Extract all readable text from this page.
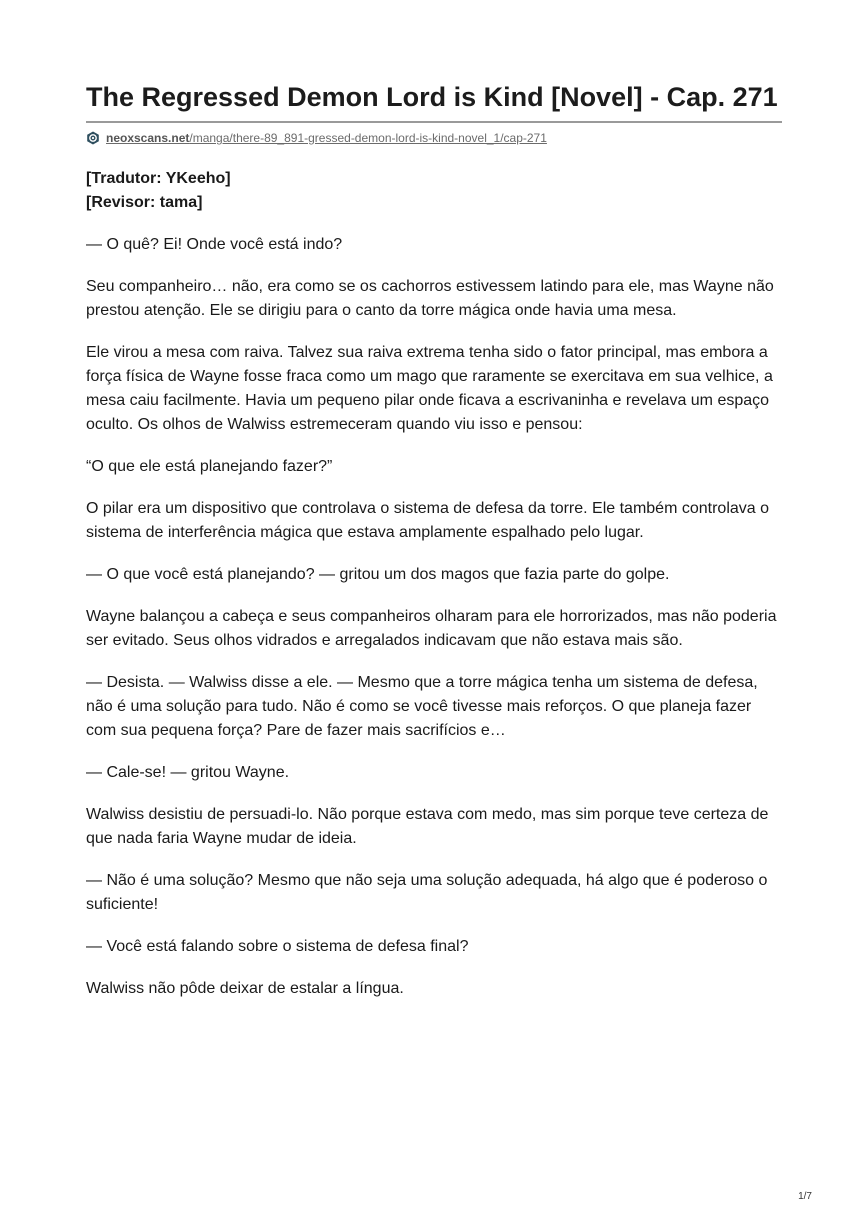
The Regressed Demon Lord is Kind [Novel] - Cap. 271
neoxscans.net/manga/there-89_891-gressed-demon-lord-is-kind-novel_1/cap-271

[Tradutor: YKeeho]
[Revisor: tama]

— O quê? Ei! Onde você está indo?

Seu companheiro… não, era como se os cachorros estivessem latindo para ele, mas Wayne não prestou atenção. Ele se dirigiu para o canto da torre mágica onde havia uma mesa.

Ele virou a mesa com raiva. Talvez sua raiva extrema tenha sido o fator principal, mas embora a força física de Wayne fosse fraca como um mago que raramente se exercitava em sua velhice, a mesa caiu facilmente. Havia um pequeno pilar onde ficava a escrivaninha e revelava um espaço oculto. Os olhos de Walwiss estremeceram quando viu isso e pensou:

“O que ele está planejando fazer?”

O pilar era um dispositivo que controlava o sistema de defesa da torre. Ele também controlava o sistema de interferência mágica que estava amplamente espalhado pelo lugar.

— O que você está planejando? — gritou um dos magos que fazia parte do golpe.

Wayne balançou a cabeça e seus companheiros olharam para ele horrorizados, mas não poderia ser evitado. Seus olhos vidrados e arregalados indicavam que não estava mais são.

— Desista. — Walwiss disse a ele. — Mesmo que a torre mágica tenha um sistema de defesa, não é uma solução para tudo. Não é como se você tivesse mais reforços. O que planeja fazer com sua pequena força? Pare de fazer mais sacrifícios e…

— Cale-se! — gritou Wayne.

Walwiss desistiu de persuadi-lo. Não porque estava com medo, mas sim porque teve certeza de que nada faria Wayne mudar de ideia.

— Não é uma solução? Mesmo que não seja uma solução adequada, há algo que é poderoso o suficiente!

— Você está falando sobre o sistema de defesa final?

Walwiss não pôde deixar de estalar a língua.

1/7
